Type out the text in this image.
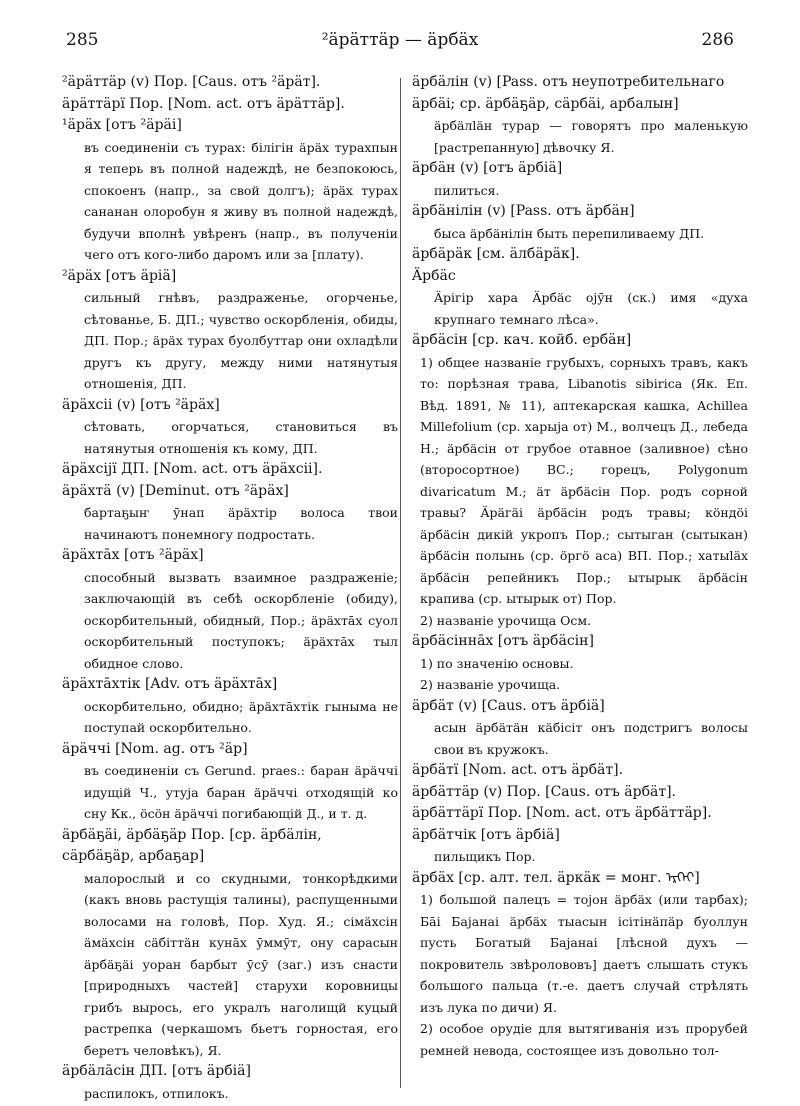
285	²äрäттäр — äрбäх	286
²äрäттäр (v) Пор. [Caus. отъ ²äрäт].
äрäттäрï Пор. [Nom. act. отъ äрäттäр].
¹äрäх [отъ ²äрäі]
въ соединенiи съ турах: бiлiгiн äрäх турахпын я теперь въ полной надеждѣ, не безпокоюсь, спокоенъ (напр., за свой долгъ); äрäх турах сананан олоробун я живу въ полной надеждѣ, будучи вполнѣ увѣренъ (напр., въ полученiи чего отъ кого-либо даромъ или за [плату).
²äрäх [отъ äрiä]
сильный гнѣвъ, раздраженье, огорченье, сѣтованье, Б. ДП.; чувство оскорбленiя, обиды, ДП. Пор.; äрäх турах буолбуттар они охладѣли другъ къ другу, между ними натянутыя отношенiя, ДП.
äрäхсii (v) [отъ ²äрäх]
сѣтовать, огорчаться, становиться въ натянутыя отношенiя къ кому, ДП.
äрäхсiјï ДП. [Nom. act. отъ äрäхсii].
äрäхтä (v) [Deminut. отъ ²äрäх]
бартаҕыҥ ӯнап äрäхтiр волоса твои начинаютъ понемногу подростать.
äрäхтāх [отъ ²äрäх]
способный вызвать взаимное раздраженiе; заключающiй въ себѣ оскорбленiе (обиду), оскорбительный, обидный, Пор.; äрäхтāх суол оскорбительный поступокъ; äрäхтāх тыл обидное слово.
äрäхтāхтiк [Adv. отъ äрäхтāх]
оскорбительно, обидно; äрäхтāхтiк гыныма не поступай оскорбительно.
äрäччi [Nom. ag. отъ ²äр]
въ соединенiи съ Gerund. praes.: баран äрäччi идущiй Ч., утуја баран äрäччi отходящiй ко сну Кк., öсöн äрäччi погибающiй Д., и т. д.
äрбäҕäi, äрбäҕäр Пор. [ср. äрбäлiн, сäрбäҕäр, арбаҕар]
малорослый и со скудными, тонкорѣдкими (какъ вновь растущiя талины), распущенными волосами на головѣ, Пор. Худ. Я.; сiмäхсiн äмäхсiн сäбiттäн кунāх ӯммӯт, ону сарасын äрбäҕäi уоран барбыт ӯсӯ (заг.) изъ снасти [природныхъ частей] старухи коровницы грибъ вырось, его укралъ наголищй куцый растрепка (черкашомъ бьетъ горностая, его беретъ человѣкъ), Я.
äрбäлāсiн ДП. [отъ äрбiä]
распилокъ, отпилокъ.
äрбäлiн (v) [Pass. отъ неупотребительнаго äрбäi; ср. äрбäҕäр, сäрбäi, арбалын]
äрбäлläн турар — говорятъ про маленькую [растрепанную] дѣвочку Я.
äрбäн (v) [отъ äрбiä]
пилиться.
äрбäнiлiн (v) [Pass. отъ äрбäн]
быса äрбäнiлiн быть перепиливаему ДП.
äрбäрäк [см. äлбäрäк].
Äрбäс
Äрiгiр хара Äрбäс ојӯн (ск.) имя «духа крупнаго темнаго лѣса».
äрбäсiн [ср. кач. койб. ербäн]
1) общее названiе грубыхъ, сорныхъ травъ, какъ то: порѣзная трава, Libanotis sibirica (Як. Еп. Вѣд. 1891, № 11), аптекарская кашка, Achillea Millefolium (ср. харыја от) М., волчецъ Д., лебеда Н.; äрбäсiн от грубое отавное (заливное) сѣно (второсортное) ВС.; горецъ, Polygonum divaricatum М.; äт äрбäсiн Пор. родъ сорной травы? Äрäгäi äрбäсiн родъ травы; кöндöi äрбäсiн дикiй укропъ Пор.; сытыган (сытыкан) äрбäсiн полынь (ср. öргö аса) ВП. Пор.; хатыläх äрбäсiн репейникъ Пор.; ытырык äрбäсiн крапива (ср. ытырык от) Пор.
2) названiе урочища Осм.
äрбäсiннāх [отъ äрбäсiн]
1) по значенiю основы.
2) названiе урочища.
äрбäт (v) [Caus. отъ äрбiä]
асын äрбäтäн кäбiсiт онъ подстригъ волосы свои въ кружокъ.
äрбäтï [Nom. act. отъ äрбäт].
äрбäттäр (v) Пор. [Caus. отъ äрбäт].
äрбäттäрï Пор. [Nom. act. отъ äрбäттäр].
äрбäтчiк [отъ äрбiä]
пильщикъ Пор.
äрбäх [ср. алт. тел. äркäк = монг. ᠡᠷᠬᠡᠢ]
1) большой палецъ = тојон äрбäх (или тарбах); Бāi Бајанаi äрбäх тыасын iсiтiнäпäр буоллун пусть Богатый Бајанаi [лѣсной духъ — покровитель звѣролововъ] даетъ слышать стукъ большого пальца (т.-е. даетъ случай стрѣлять изъ лука по дичи) Я.
2) особое орудiе для вытягиванiя изъ прорубей ремней невода, состоящее изъ довольно тол-
